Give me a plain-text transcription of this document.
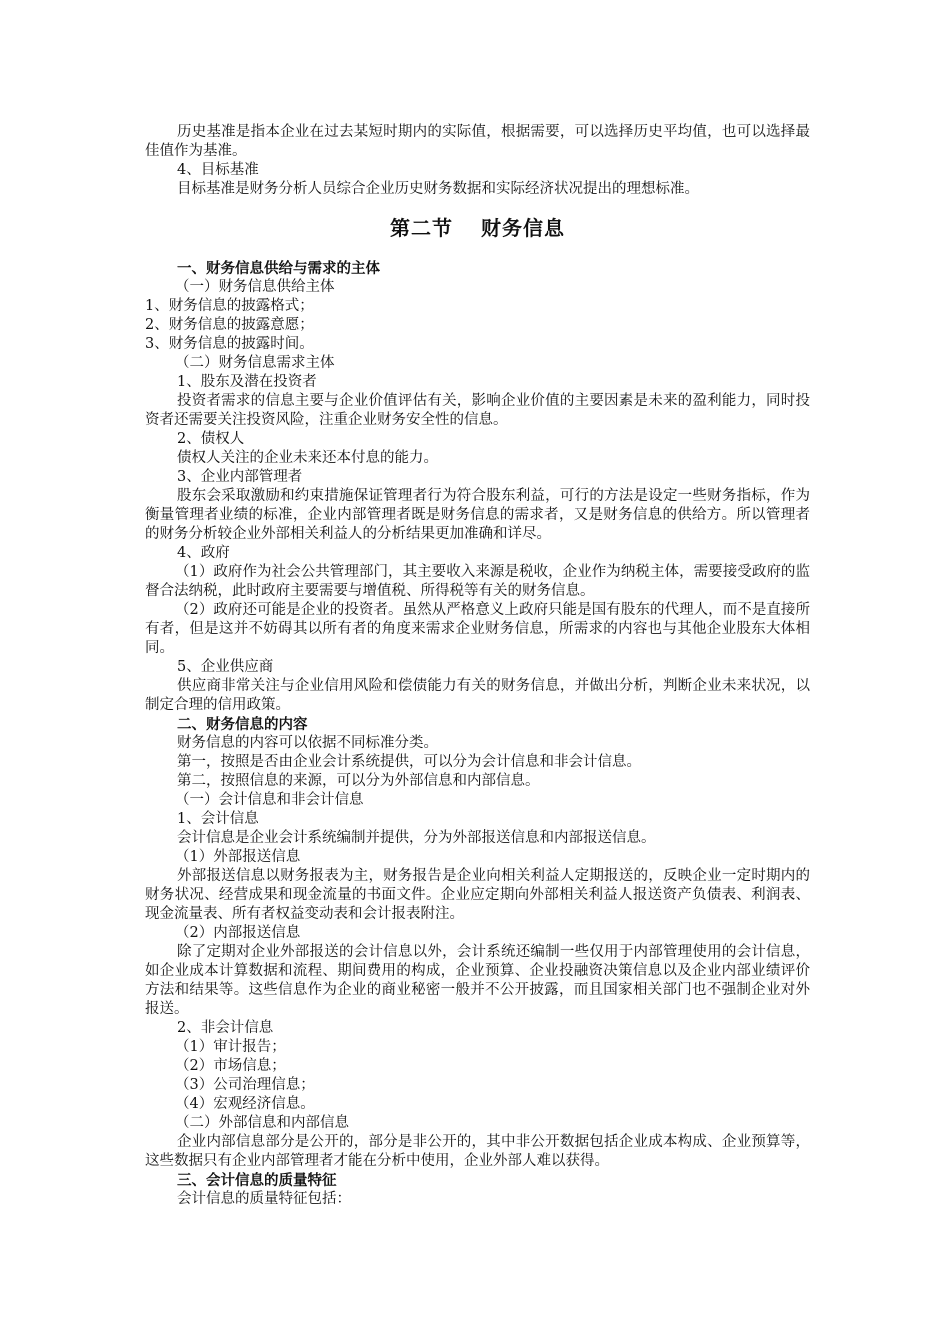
历史基准是指本企业在过去某短时期内的实际值，根据需要，可以选择历史平均值，也可以选择最佳值作为基准。

4、目标基准

目标基准是财务分析人员综合企业历史财务数据和实际经济状况提出的理想标准。

第二节 财务信息

一、财务信息供给与需求的主体

（一）财务信息供给主体

1、财务信息的披露格式；

2、财务信息的披露意愿；

3、财务信息的披露时间。

（二）财务信息需求主体

1、股东及潜在投资者

投资者需求的信息主要与企业价值评估有关，影响企业价值的主要因素是未来的盈利能力，同时投资者还需要关注投资风险，注重企业财务安全性的信息。

2、债权人

债权人关注的企业未来还本付息的能力。

3、企业内部管理者

股东会采取激励和约束措施保证管理者行为符合股东利益，可行的方法是设定一些财务指标，作为衡量管理者业绩的标准，企业内部管理者既是财务信息的需求者，又是财务信息的供给方。所以管理者的财务分析较企业外部相关利益人的分析结果更加准确和详尽。

4、政府

（1）政府作为社会公共管理部门，其主要收入来源是税收，企业作为纳税主体，需要接受政府的监督合法纳税，此时政府主要需要与增值税、所得税等有关的财务信息。

（2）政府还可能是企业的投资者。虽然从严格意义上政府只能是国有股东的代理人，而不是直接所有者，但是这并不妨碍其以所有者的角度来需求企业财务信息，所需求的内容也与其他企业股东大体相同。

5、企业供应商

供应商非常关注与企业信用风险和偿债能力有关的财务信息，并做出分析，判断企业未来状况，以制定合理的信用政策。

二、财务信息的内容

财务信息的内容可以依据不同标准分类。

第一，按照是否由企业会计系统提供，可以分为会计信息和非会计信息。

第二，按照信息的来源，可以分为外部信息和内部信息。

（一）会计信息和非会计信息

1、会计信息

会计信息是企业会计系统编制并提供，分为外部报送信息和内部报送信息。

（1）外部报送信息

外部报送信息以财务报表为主，财务报告是企业向相关利益人定期报送的，反映企业一定时期内的财务状况、经营成果和现金流量的书面文件。企业应定期向外部相关利益人报送资产负债表、利润表、现金流量表、所有者权益变动表和会计报表附注。

（2）内部报送信息

除了定期对企业外部报送的会计信息以外，会计系统还编制一些仅用于内部管理使用的会计信息，如企业成本计算数据和流程、期间费用的构成，企业预算、企业投融资决策信息以及企业内部业绩评价方法和结果等。这些信息作为企业的商业秘密一般并不公开披露，而且国家相关部门也不强制企业对外报送。

2、非会计信息

（1）审计报告；

（2）市场信息；

（3）公司治理信息；

（4）宏观经济信息。

（二）外部信息和内部信息

企业内部信息部分是公开的，部分是非公开的，其中非公开数据包括企业成本构成、企业预算等，这些数据只有企业内部管理者才能在分析中使用，企业外部人难以获得。

三、会计信息的质量特征

会计信息的质量特征包括：
